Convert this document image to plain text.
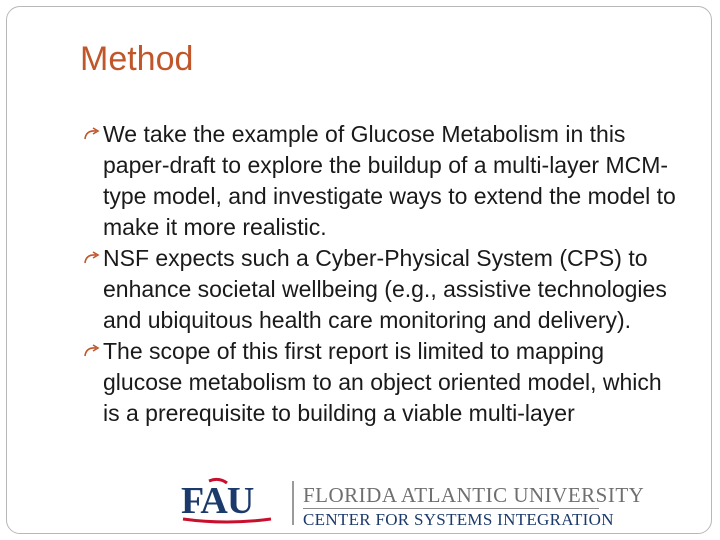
Method
We take the example of Glucose Metabolism in this paper-draft to explore the buildup of a multi-layer MCM-type model, and investigate ways to extend the model to make it more realistic.
NSF expects such a Cyber-Physical System (CPS) to enhance societal wellbeing (e.g., assistive technologies and ubiquitous health care monitoring and delivery).
The scope of this first report is limited to mapping glucose metabolism to an object oriented model, which is a prerequisite to building a viable multi-layer
FAU FLORIDA ATLANTIC UNIVERSITY
CENTER FOR SYSTEMS INTEGRATION
